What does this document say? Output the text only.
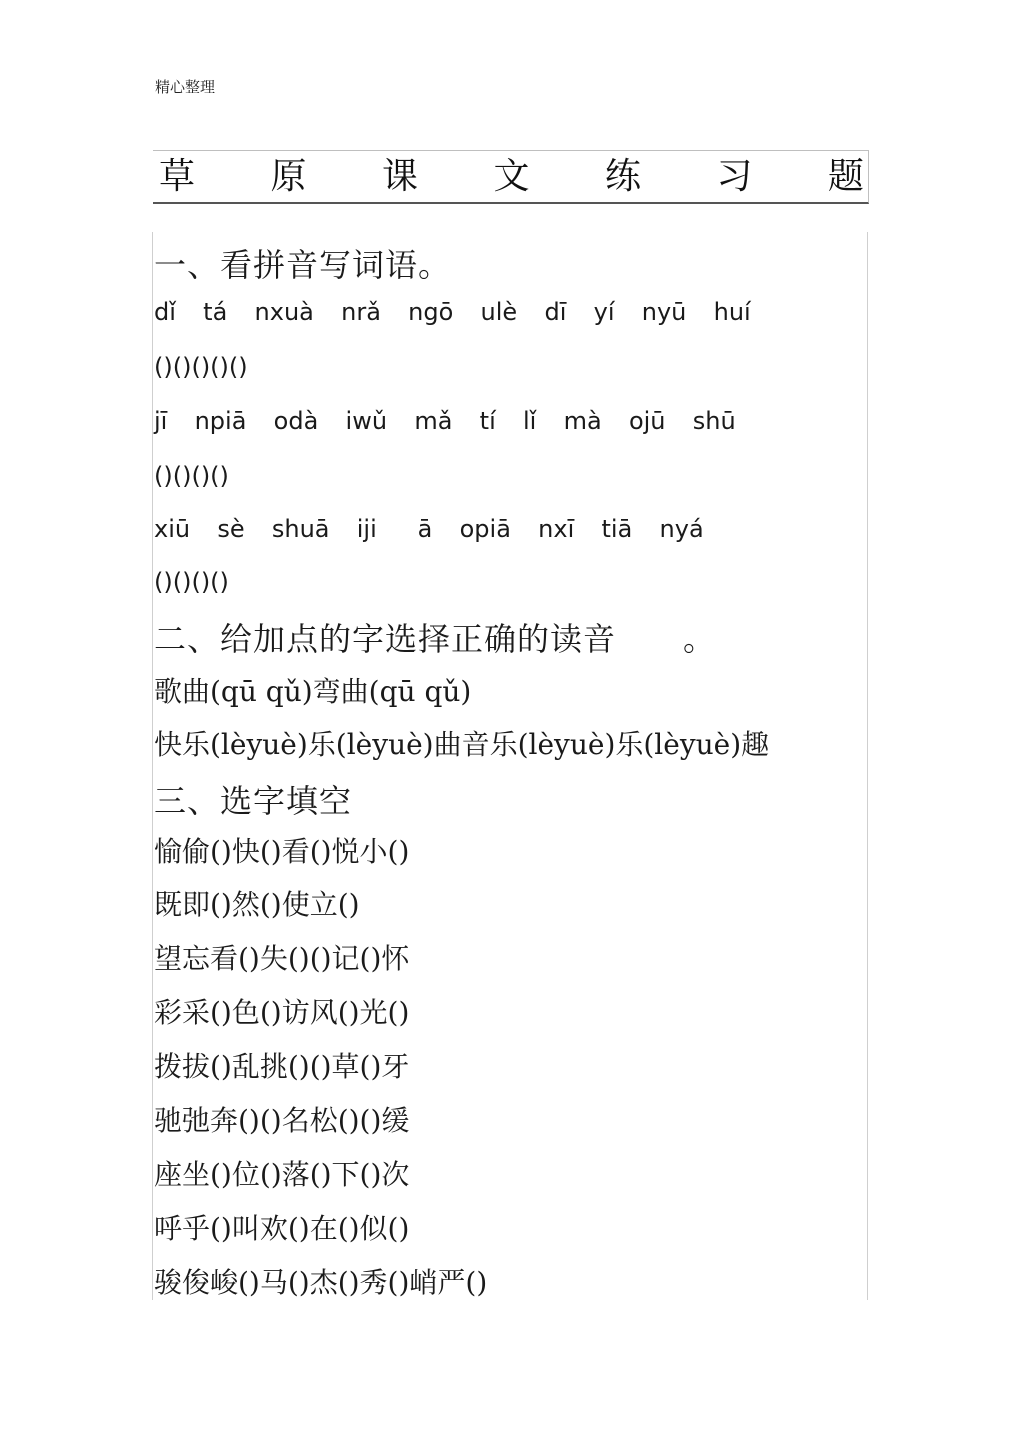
精心整理
草 原 课 文 练 习 题
一、看拼音写词语。
dǐ  tá  nxuà  nrǎ  ngō  ulè  dī  yí  nyū  huí
()()()()()
jī  npiā  odà  iwǔ  mǎ  tí  lǐ  mà  ojū  shū
()()()()
xiū  sè  shuā  iji   ā  opiā  nxī  tiā  nyá
()()()()
二、给加点的字选择正确的读音      。
歌曲(qū qǔ)弯曲(qū qǔ)
快乐(lèyuè)乐(lèyuè)曲音乐(lèyuè)乐(lèyuè)趣
三、选字填空
愉偷()快()看()悦小()
既即()然()使立()
望忘看()失()()记()怀
彩采()色()访风()光()
拨拔()乱挑()()草()牙
驰弛奔()()名松()()缓
座坐()位()落()下()次
呼乎()叫欢()在()似()
骏俊峻()马()杰()秀()峭严()
